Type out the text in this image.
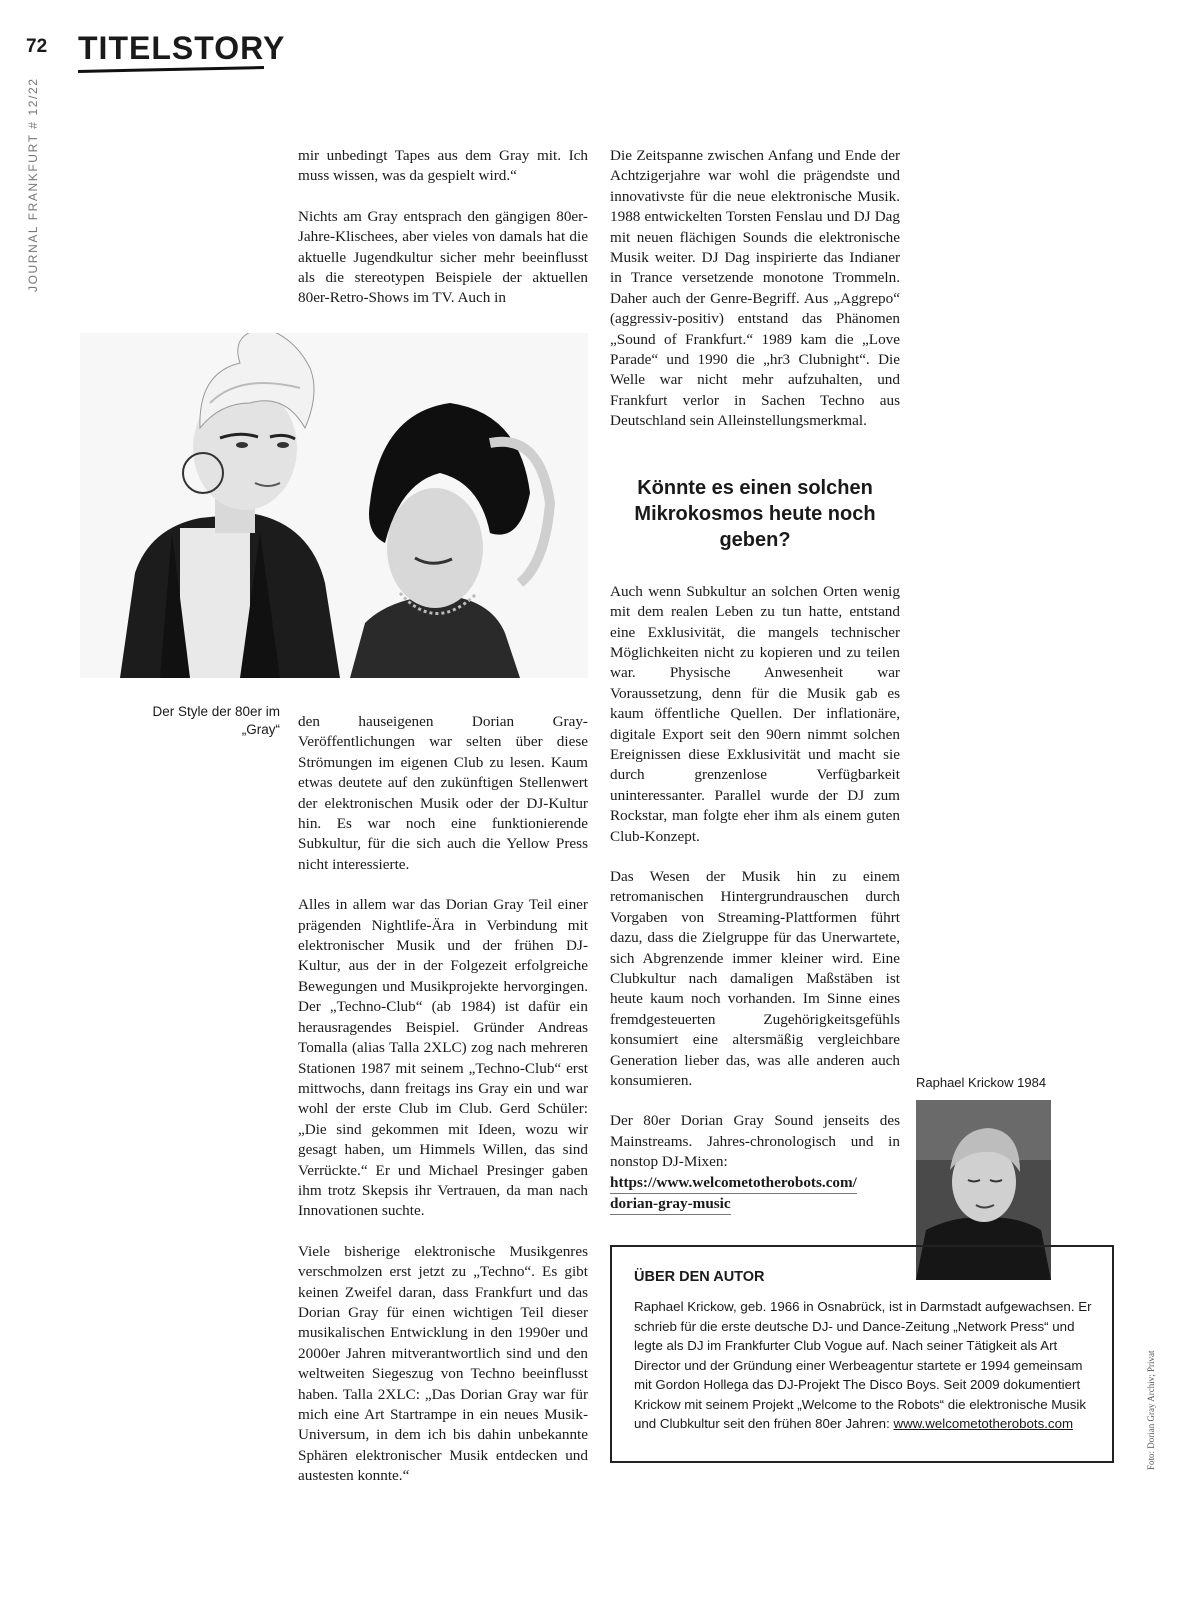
72 TITELSTORY
JOURNAL FRANKFURT # 12/22	mir unbedingt Tapes aus dem Gray mit. Ich muss wissen, was da gespielt wird.“

Nichts am Gray entsprach den gängigen 80er-Jahre-Klischees, aber vieles von damals hat die aktuelle Jugendkultur sicher mehr beeinflusst als die stereotypen Beispiele der aktuellen 80er-Retro-Shows im TV. Auch in

Der Style der 80er im „Gray“ den hauseigenen Dorian Gray-Veröffentlichungen war selten über diese Strömungen im eigenen Club zu lesen. Kaum etwas deutete auf den zukünftigen Stellenwert der elektronischen Musik oder der DJ-Kultur hin. Es war noch eine funktionierende Subkultur, für die sich auch die Yellow Press nicht interessierte.

Alles in allem war das Dorian Gray Teil einer prägenden Nightlife-Ära in Verbindung mit elektronischer Musik und der frühen DJ-Kultur, aus der in der Folgezeit erfolgreiche Bewegungen und Musikprojekte hervorgingen. Der „Techno-Club“ (ab 1984) ist dafür ein herausragendes Beispiel. Gründer Andreas Tomalla (alias Talla 2XLC) zog nach mehreren Stationen 1987 mit seinem „Techno-Club“ erst mittwochs, dann freitags ins Gray ein und war wohl der erste Club im Club. Gerd Schüler: „Die sind gekommen mit Ideen, wozu wir gesagt haben, um Himmels Willen, das sind Verrückte.“ Er und Michael Presinger gaben ihm trotz Skepsis ihr Vertrauen, da man nach Innovationen suchte.

Viele bisherige elektronische Musikgenres verschmolzen erst jetzt zu „Techno“. Es gibt keinen Zweifel daran, dass Frankfurt und das Dorian Gray für einen wichtigen Teil dieser musikalischen Entwicklung in den 1990er und 2000er Jahren mitverantwortlich sind und den weltweiten Siegeszug von Techno beeinflusst haben. Talla 2XLC: „Das Dorian Gray war für mich eine Art Startrampe in ein neues Musik-Universum, in dem ich bis dahin unbekannte Sphären elektronischer Musik entdecken und austesten konnte.“

Die Zeitspanne zwischen Anfang und Ende der Achtzigerjahre war wohl die prägendste und innovativste für die neue elektronische Musik. 1988 entwickelten Torsten Fenslau und DJ Dag mit neuen flächigen Sounds die elektronische Musik weiter. DJ Dag inspirierte das Indianer in Trance versetzende monotone Trommeln. Daher auch der Genre-Begriff. Aus „Aggrepo“ (aggressiv-positiv) entstand das Phänomen „Sound of Frankfurt.“ 1989 kam die „Love Parade“ und 1990 die „hr3 Clubnight“. Die Welle war nicht mehr aufzuhalten, und Frankfurt verlor in Sachen Techno aus Deutschland sein Alleinstellungsmerkmal.

Auch wenn Subkultur an solchen Orten wenig mit dem realen Leben zu tun hatte, entstand eine Exklusivität, die mangels technischer Möglichkeiten nicht zu kopieren und zu teilen war. Physische Anwesenheit war Voraussetzung, denn für die Musik gab es kaum öffentliche Quellen. Der inflationäre, digitale Export seit den 90ern nimmt solchen Ereignissen diese Exklusivität und macht sie durch grenzenlose Verfügbarkeit uninteressanter. Parallel wurde der DJ zum Rockstar, man folgte eher ihm als einem guten Club-Konzept.

Das Wesen der Musik hin zu einem retromanischen Hintergrundrauschen durch Vorgaben von Streaming-Plattformen führt dazu, dass die Zielgruppe für das Unerwartete, sich Abgrenzende immer kleiner wird. Eine Clubkultur nach damaligen Maßstäben ist heute kaum noch vorhanden. Im Sinne eines fremdgesteuerten Zugehörigkeitsgefühls konsumiert eine altersmäßig vergleichbare Generation lieber das, was alle anderen auch konsumieren.

Der 80er Dorian Gray Sound jenseits des Mainstreams. Jahres-chronologisch und in nonstop DJ-Mixen:
https://www.welcometotherobots.com/
dorian-gray-music

Könnte es einen solchen Mikrokosmos heute noch geben?
Raphael Krickow 1984
ÜBER DEN AUTOR
Raphael Krickow, geb. 1966 in Osnabrück, ist in Darmstadt aufgewachsen. Er schrieb für die erste deutsche DJ- und Dance-Zeitung „Network Press“ und legte als DJ im Frankfurter Club Vogue auf. Nach seiner Tätigkeit als Art Director und der Gründung einer Werbeagentur startete er 1994 gemeinsam mit Gordon Hollega das DJ-Projekt The Disco Boys. Seit 2009 dokumentiert Krickow mit seinem Projekt „Welcome to the Robots“ die elektronische Musik und Clubkultur seit den frühen 80er Jahren: www.welcometotherobots.com	Foto: Dorian Gray Archiv; Privat
